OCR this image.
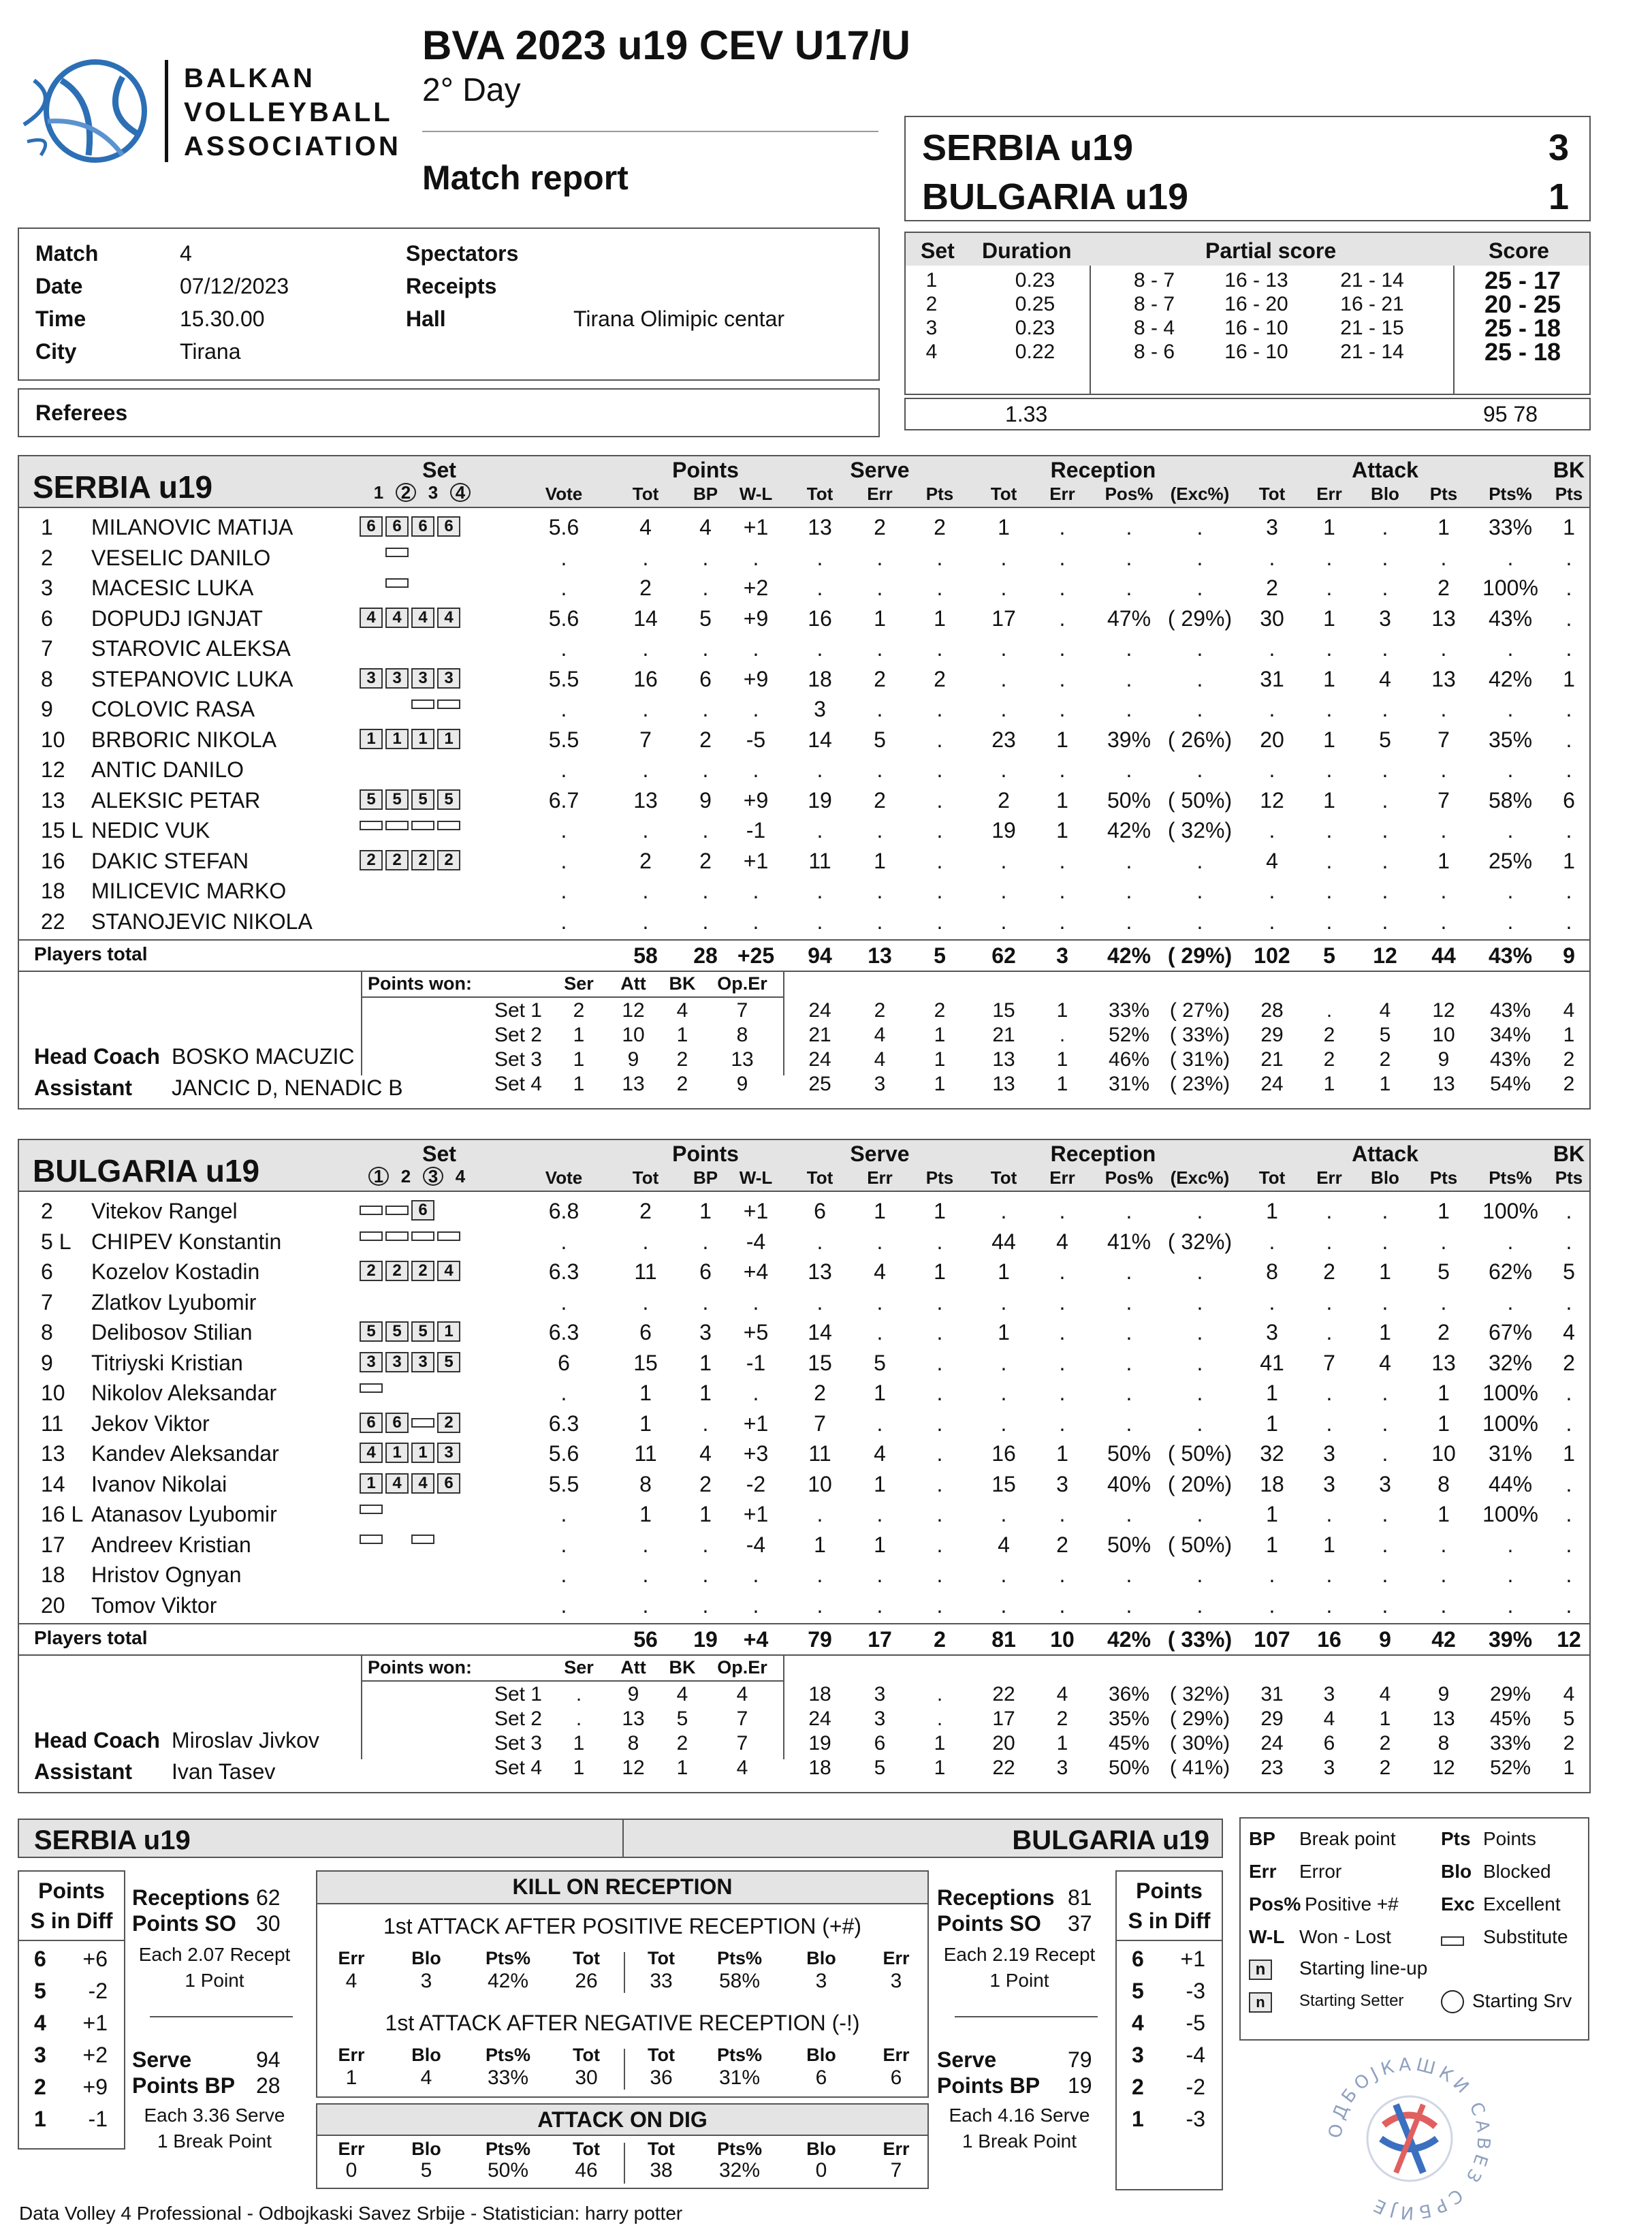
BALKAN
VOLLEYBALL
ASSOCIATION
BVA 2023 u19 CEV U17/U
2° Day
Match report
SERBIA u19	3
BULGARIA u19	1
Match	4
Date	07/12/2023
Time	15.30.00
City	Tirana
Spectators
Receipts
Hall	Tirana Olimipic centar
Referees
Set Duration	Partial score	Score
1	0.23	8 - 7	16 - 13	21 - 14	25 - 17
2	0.25	8 - 7	16 - 20	16 - 21	20 - 25
3	0.23	8 - 4	16 - 10	21 - 15	25 - 18
4	0.22	8 - 6	16 - 10	21 - 14	25 - 18
1.33	95 78
SERBIA u19	Set	Points	Serve	Reception	Attack	BK
1 2 3 4	Vote	Tot	BP	W-L	Tot	Err	Pts	Tot	Err	Pos% (Exc%)	Tot	Err	Blo	Pts	Pts%	Pts
1 MILANOVIC MATIJA	6 6 6 6	5.6	4	4	+1	13	2	2	1	.	.	.	3	1	.	1	33%	1
2 VESELIC DANILO	.	.	.	.	.	.	.	.	.	.	.	.	.	.	.	.	.
3 MACESIC LUKA	.	2	.	+2	.	.	.	.	.	.	.	2	.	.	2	100%	.
6 DOPUDJ IGNJAT	4 4 4 4	5.6	14	5	+9	16	1	1	17	.	47% ( 29%)	30	1	3	13	43%	.
7 STAROVIC ALEKSA	.	.	.	.	.	.	.	.	.	.	.	.	.	.	.	.	.
8 STEPANOVIC LUKA	3 3 3 3	5.5	16	6	+9	18	2	2	.	.	.	.	31	1	4	13	42%	1
9 COLOVIC RASA	.	.	.	.	3	.	.	.	.	.	.	.	.	.	.	.	.
10 BRBORIC NIKOLA	1 1 1 1	5.5	7	2	-5	14	5	.	23	1	39% ( 26%)	20	1	5	7	35%	.
12 ANTIC DANILO	.	.	.	.	.	.	.	.	.	.	.	.	.	.	.	.	.
13 ALEKSIC PETAR	5 5 5 5	6.7	13	9	+9	19	2	.	2	1	50% ( 50%)	12	1	.	7	58%	6
15 L NEDIC VUK	.	.	.	-1	.	.	.	19	1	42% ( 32%)	.	.	.	.	.	.
16 DAKIC STEFAN	2 2 2 2	.	2	2	+1	11	1	.	.	.	.	.	4	.	.	1	25%	1
18 MILICEVIC MARKO	.	.	.	.	.	.	.	.	.	.	.	.	.	.	.	.	.
22 STANOJEVIC NIKOLA	.	.	.	.	.	.	.	.	.	.	.	.	.	.	.	.	.
Players total	58	28 +25	94	13	5	62	3	42% ( 29%)	102	5	12	44	43%	9
Points won:	Ser	Att	BK	Op.Er
Set 1	2	12	4	7	24	2	2	15	1	33% ( 27%)	28	.	4	12	43%	4
Set 2	1	10	1	8	21	4	1	21	.	52% ( 33%)	29	2	5	10	34%	1
Set 3	1	9	2	13	24	4	1	13	1	46% ( 31%)	21	2	2	9	43%	2
Set 4	1	13	2	9	25	3	1	13	1	31% ( 23%)	24	1	1	13	54%	2
Head Coach BOSKO MACUZIC
Assistant JANCIC D, NENADIC B
BULGARIA u19	Set	Points	Serve	Reception	Attack	BK
1 2 3 4	Vote	Tot	BP	W-L	Tot	Err	Pts	Tot	Err	Pos% (Exc%)	Tot	Err	Blo	Pts	Pts%	Pts
2 Vitekov Rangel	6	6.8	2	1	+1	6	1	1	.	.	.	.	1	.	.	1	100%	.
5 L CHIPEV Konstantin	.	.	.	-4	.	.	.	44	4	41% ( 32%)	.	.	.	.	.	.
6 Kozelov Kostadin	2 2 2 4	6.3	11	6	+4	13	4	1	1	.	.	.	8	2	1	5	62%	5
7 Zlatkov Lyubomir	.	.	.	.	.	.	.	.	.	.	.	.	.	.	.	.	.
8 Delibosov Stilian	5 5 5 1	6.3	6	3	+5	14	.	.	1	.	.	.	3	.	1	2	67%	4
9 Titriyski Kristian	3 3 3 5	6	15	1	-1	15	5	.	.	.	.	.	41	7	4	13	32%	2
10 Nikolov Aleksandar	.	1	1	.	2	1	.	.	.	.	.	1	.	.	1	100%	.
11 Jekov Viktor	6 6	2	6.3	1	.	+1	7	.	.	.	.	.	.	1	.	.	1	100%	.
13 Kandev Aleksandar	4 1 1 3	5.6	11	4	+3	11	4	.	16	1	50% ( 50%)	32	3	.	10	31%	1
14 Ivanov Nikolai	1 4 4 6	5.5	8	2	-2	10	1	.	15	3	40% ( 20%)	18	3	3	8	44%	.
16 L Atanasov Lyubomir	.	1	1	+1	.	.	.	.	.	.	.	1	.	.	1	100%	.
17 Andreev Kristian	.	.	.	-4	1	1	.	4	2	50% ( 50%)	1	1	.	.	.	.
18 Hristov Ognyan	.	.	.	.	.	.	.	.	.	.	.	.	.	.	.	.	.
20 Tomov Viktor	.	.	.	.	.	.	.	.	.	.	.	.	.	.	.	.	.
Players total	56	19	+4	79	17	2	81	10	42% ( 33%)	107	16	9	42	39%	12
Points won:	Ser	Att	BK	Op.Er
Set 1	.	9	4	4	18	3	.	22	4	36% ( 32%)	31	3	4	9	29%	4
Set 2	.	13	5	7	24	3	.	17	2	35% ( 29%)	29	4	1	13	45%	5
Set 3	1	8	2	7	19	6	1	20	1	45% ( 30%)	24	6	2	8	33%	2
Set 4	1	12	1	4	18	5	1	22	3	50% ( 41%)	23	3	2	12	52%	1
Head Coach Miroslav Jivkov
Assistant Ivan Tasev
SERBIA u19	BULGARIA u19
Points
S in Diff
6	+6
5	-2
4	+1
3	+2
2	+9
1	-1
Receptions 62
Points SO 30
Each 2.07 Recept
1 Point
Serve	94
Points BP 28
Each 3.36 Serve
1 Break Point
KILL ON RECEPTION
1st ATTACK AFTER POSITIVE RECEPTION (+#)
1st ATTACK AFTER NEGATIVE RECEPTION (-!)
Err	Blo	Pts%	Tot	Tot	Pts%	Blo	Err
4	3	42%	26	33	58%	3	3
Err	Blo	Pts%	Tot	Tot	Pts%	Blo	Err
1	4	33%	30	36	31%	6	6
ATTACK ON DIG
Err	Blo	Pts%	Tot	Tot	Pts%	Blo	Err
0	5	50%	46	38	32%	0	7
Receptions 81
Points SO 37
Each 2.19 Recept
1 Point
Serve	79
Points BP 19
Each 4.16 Serve
1 Break Point
Points
S in Diff
6	+1
5	-3
4	-5
3	-4
2	-2
1	-3
BP Break point Pts Points
Err Error	Blo Blocked
Pos% Positive +# Exc Excellent
W-L Won - Lost	Substitute
n	Starting line-up
n	Starting Setter	Starting Srv
ОДБОЈКАШКИ САВЕЗ СРБИЈЕ
Data Volley 4 Professional - Odbojkaski Savez Srbije - Statistician: harry potter
